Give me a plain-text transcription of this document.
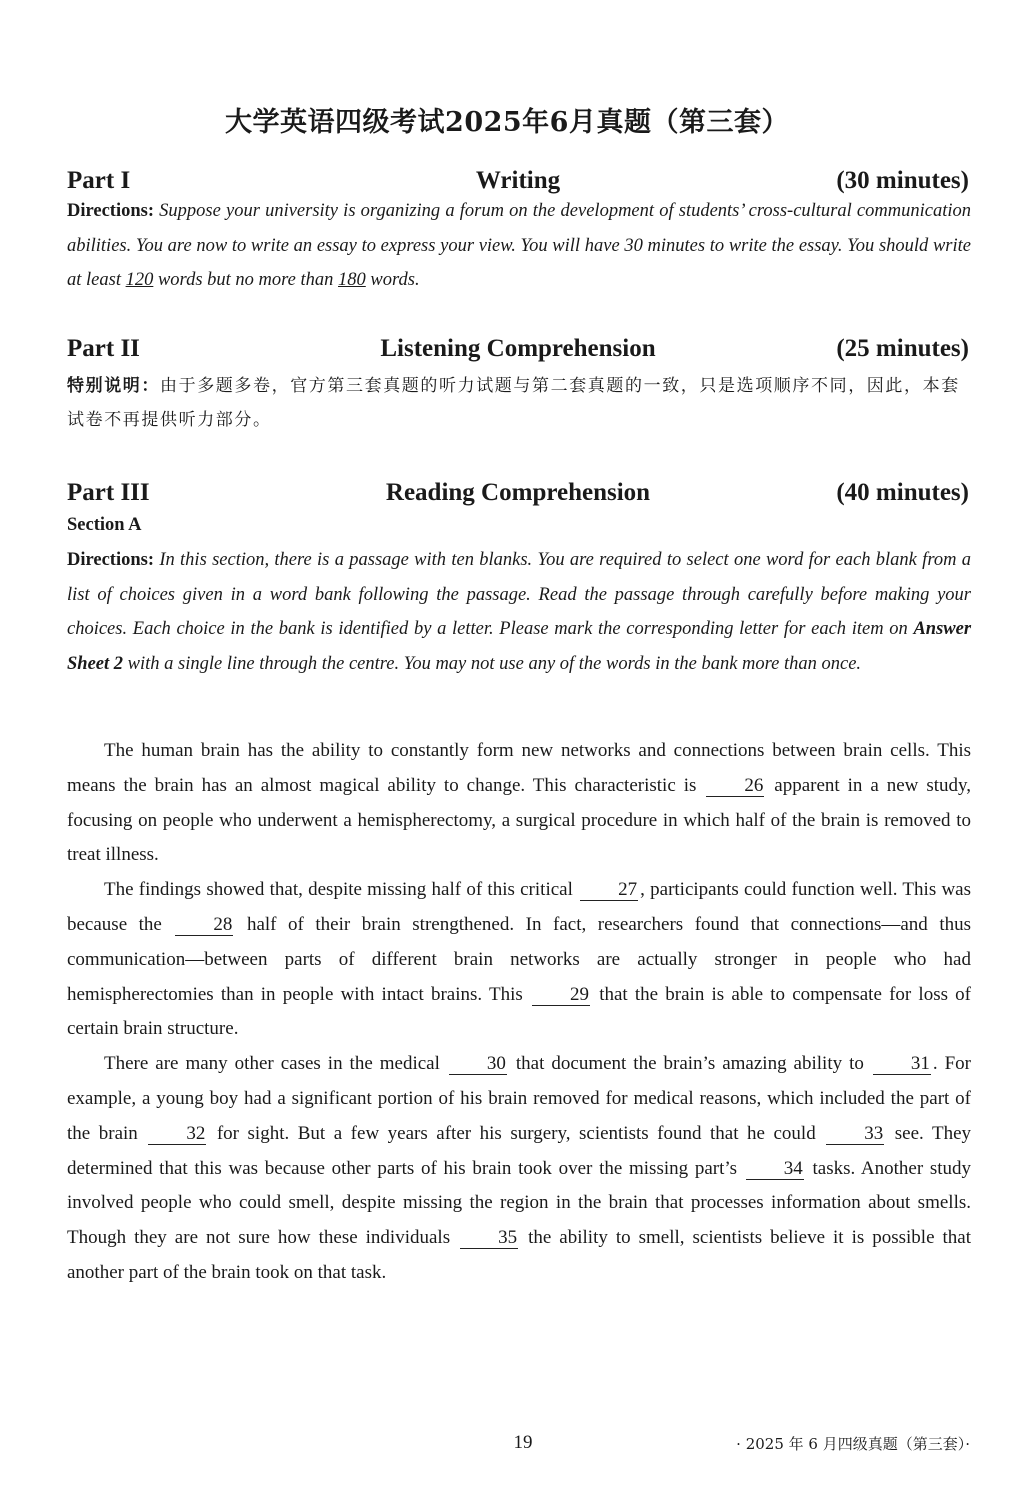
大学英语四级考试2025年6月真题（第三套）
Part I	Writing	(30 minutes)
Directions: Suppose your university is organizing a forum on the development of students’ cross-cultural communication abilities. You are now to write an essay to express your view. You will have 30 minutes to write the essay. You should write at least 120 words but no more than 180 words.
Part II	Listening Comprehension	(25 minutes)
特别说明：由于多题多卷，官方第三套真题的听力试题与第二套真题的一致，只是选项顺序不同，因此，本套试卷不再提供听力部分。
Part III	Reading Comprehension	(40 minutes)
Section A
Directions: In this section, there is a passage with ten blanks. You are required to select one word for each blank from a list of choices given in a word bank following the passage. Read the passage through carefully before making your choices. Each choice in the bank is identified by a letter. Please mark the corresponding letter for each item on Answer Sheet 2 with a single line through the centre. You may not use any of the words in the bank more than once.

The human brain has the ability to constantly form new networks and connections between brain cells. This means the brain has an almost magical ability to change. This characteristic is	26 apparent in a new study, focusing on people who underwent a hemispherectomy, a surgical procedure in which half of the brain is removed to treat illness.

The findings showed that, despite missing half of this critical 27 , participants could function well. This was because the	28 half of their brain strengthened. In fact, researchers found that connections—and thus communication—between parts of different brain networks are actually stronger in people who had hemispherectomies than in people with intact brains. This 29 that the brain is able to compensate for loss of certain brain structure.

There are many other cases in the medical 30 that document the brain’s amazing ability to 31 . For example, a young boy had a significant portion of his brain removed for medical reasons, which included the part of the brain	32 for sight. But a few years after his surgery, scientists found that he could	33 see. They determined that this was because other parts of his brain took over the missing part’s 34 tasks. Another study involved people who could smell, despite missing the region in the brain that processes information about smells. Though they are not sure how these individuals	35 the ability to smell, scientists believe it is possible that another part of the brain took on that task.

19	· 2025 年 6 月四级真题（第三套）·
